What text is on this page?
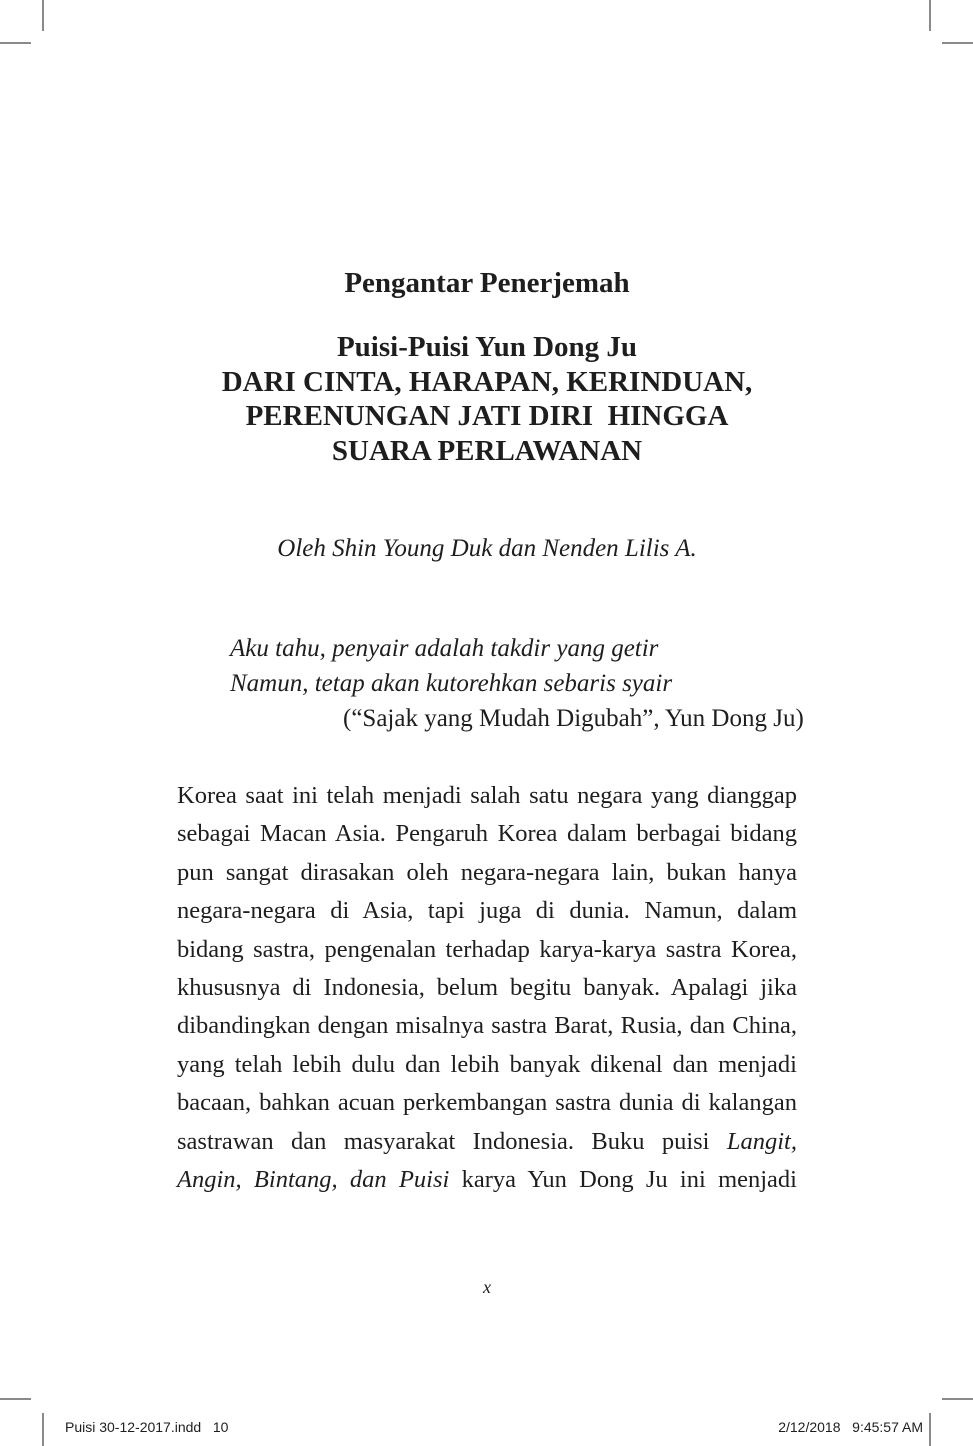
Pengantar Penerjemah
Puisi-Puisi Yun Dong Ju
DARI CINTA, HARAPAN, KERINDUAN,
PERENUNGAN JATI DIRI  HINGGA
SUARA PERLAWANAN
Oleh Shin Young Duk dan Nenden Lilis A.
Aku tahu, penyair adalah takdir yang getir
Namun, tetap akan kutorehkan sebaris syair
(“Sajak yang Mudah Digubah”, Yun Dong Ju)
Korea saat ini telah menjadi salah satu negara yang dianggap
sebagai Macan Asia. Pengaruh Korea dalam berbagai bidang
pun sangat dirasakan oleh negara-negara lain, bukan hanya
negara-negara di Asia, tapi juga di dunia. Namun, dalam
bidang sastra, pengenalan terhadap karya-karya sastra Korea,
khususnya di Indonesia, belum begitu banyak. Apalagi jika
dibandingkan dengan misalnya sastra Barat, Rusia, dan China,
yang telah lebih dulu dan lebih banyak dikenal dan menjadi
bacaan, bahkan acuan perkembangan sastra dunia di kalangan
sastrawan dan masyarakat Indonesia. Buku puisi Langit,
Angin, Bintang, dan Puisi karya Yun Dong Ju ini menjadi
x
Puisi 30-12-2017.indd   10	2/12/2018   9:45:57 AM
